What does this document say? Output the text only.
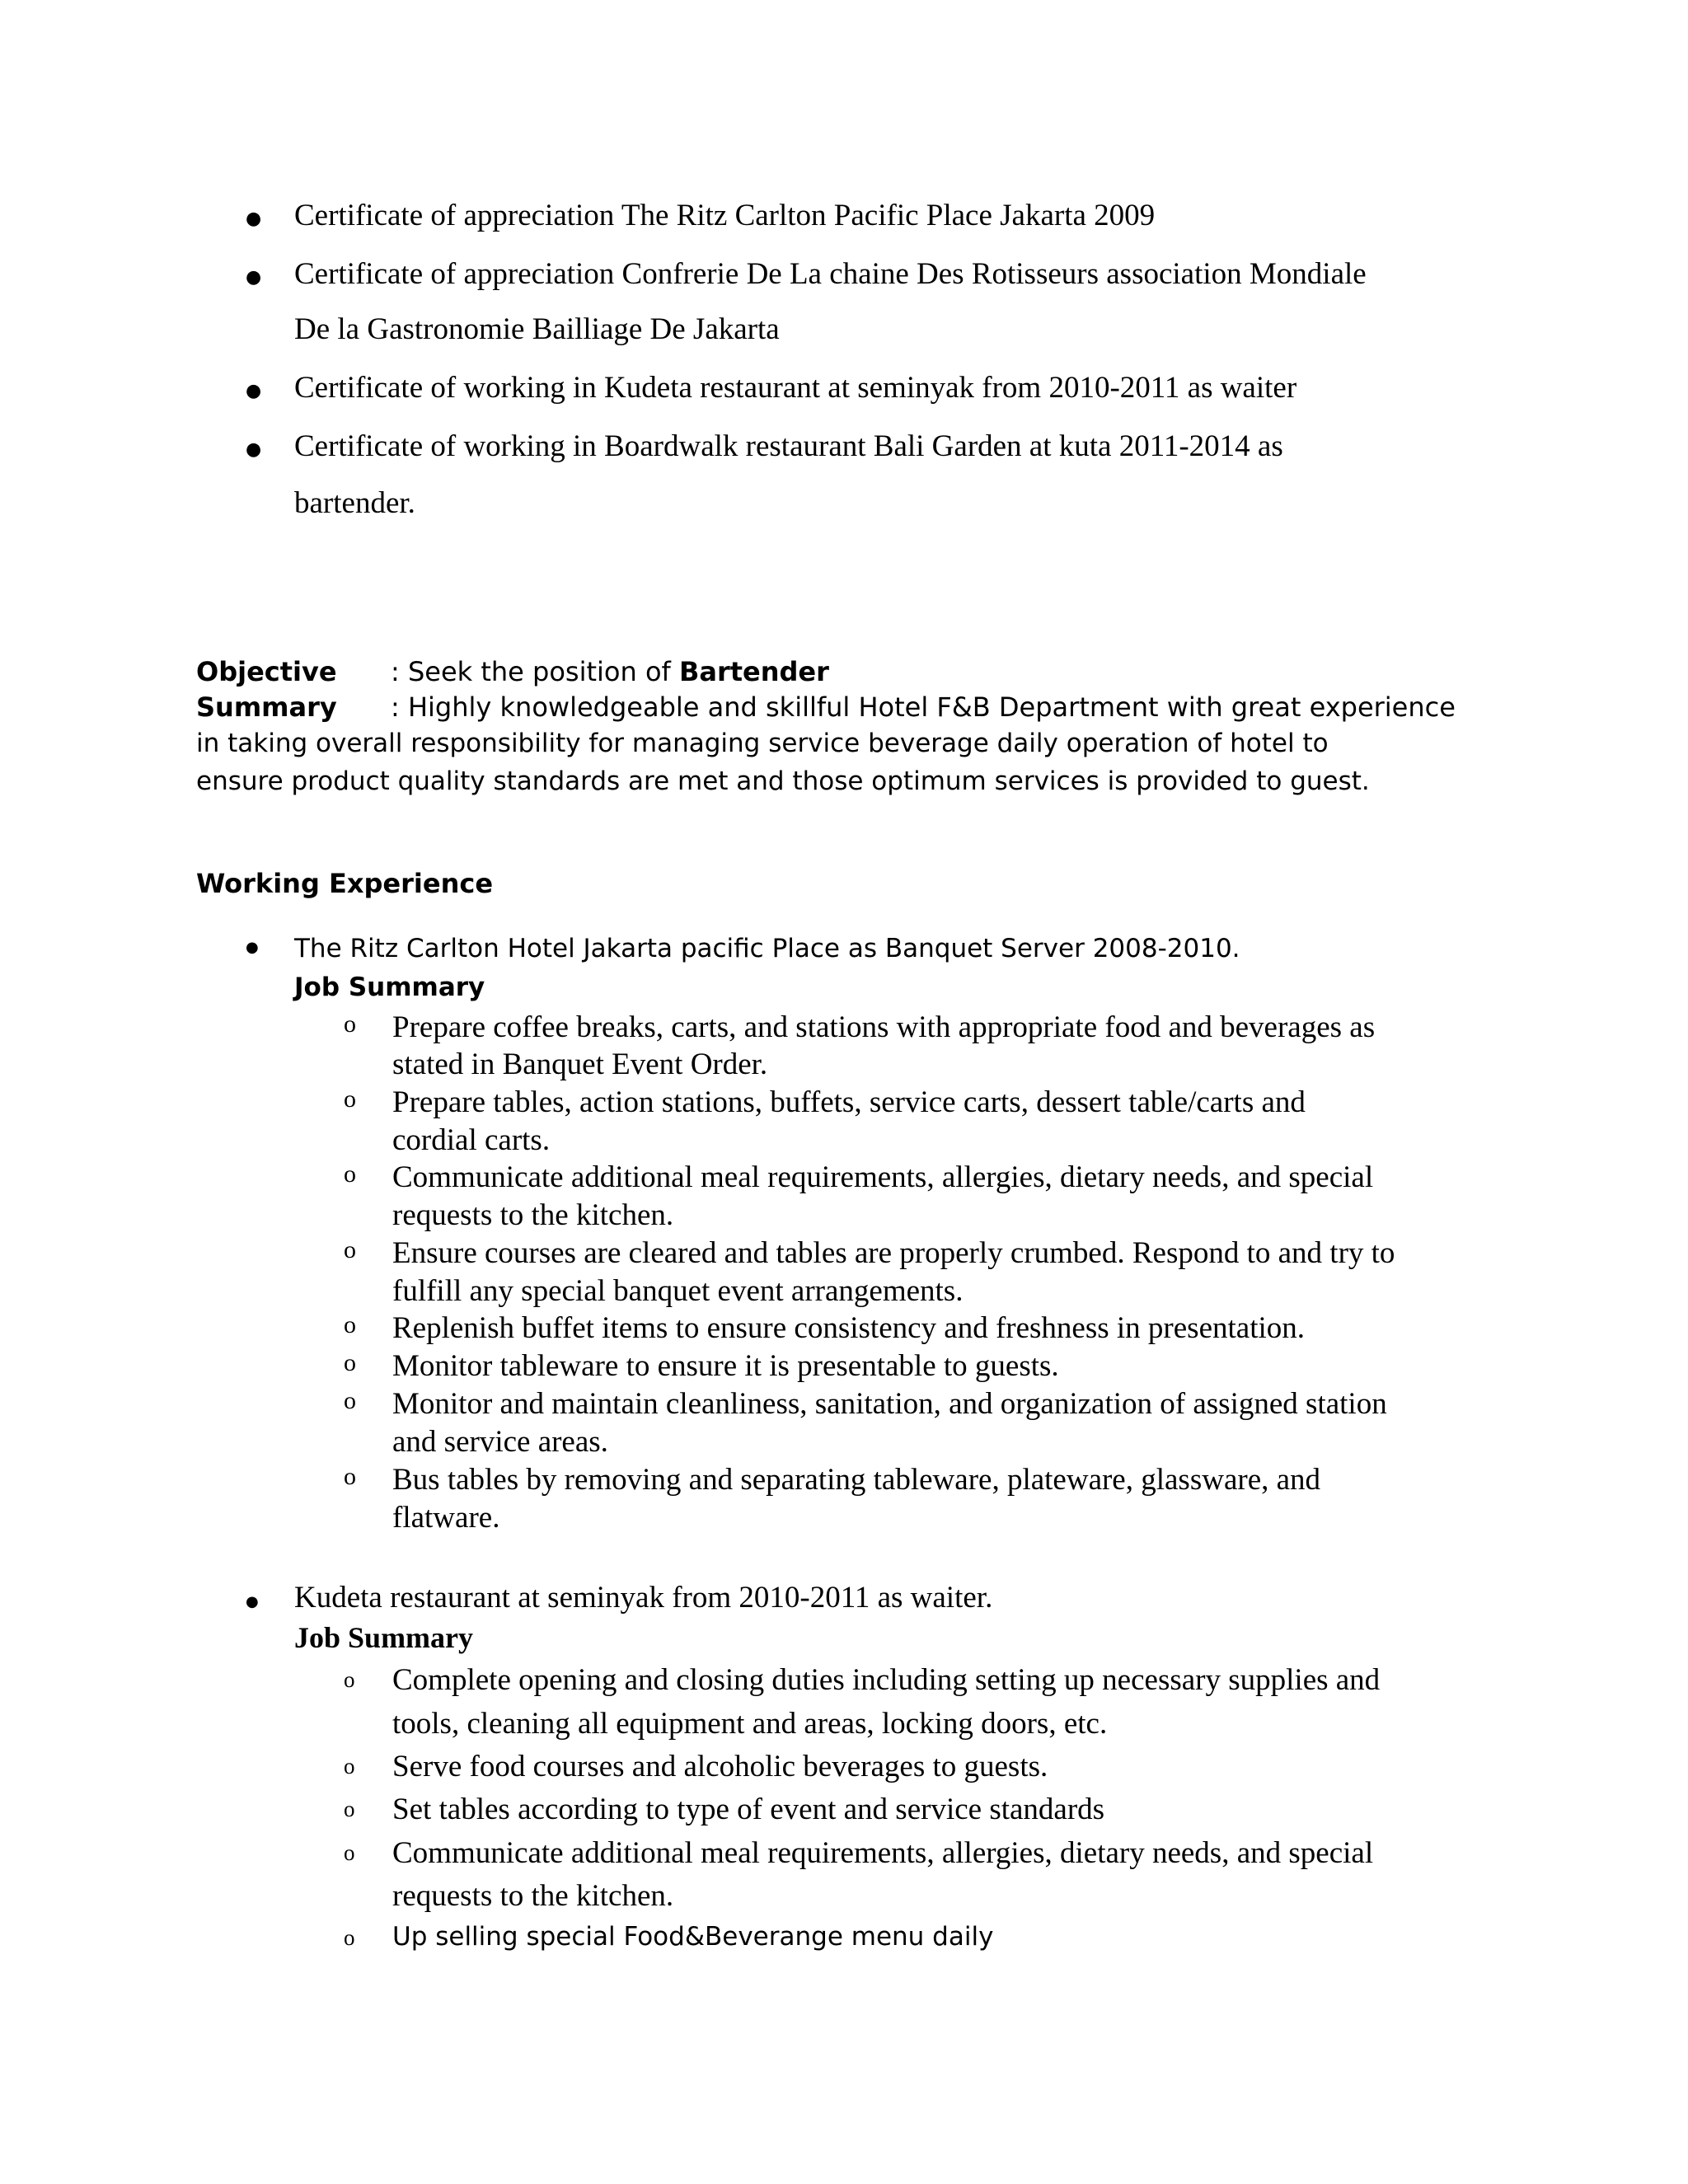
● Certificate of appreciation The Ritz Carlton Pacific Place Jakarta 2009
● Certificate of appreciation Confrerie De La chaine Des Rotisseurs association Mondiale
De la Gastronomie Bailliage De Jakarta
● Certificate of working in Kudeta restaurant at seminyak from 2010-2011 as waiter
● Certificate of working in Boardwalk restaurant Bali Garden at kuta 2011-2014 as
bartender.
Objective : Seek the position of Bartender
Summary : Highly knowledgeable and skillful Hotel F&B Department with great experience
in taking overall responsibility for managing service beverage daily operation of hotel to
ensure product quality standards are met and those optimum services is provided to guest.
Working Experience
● The Ritz Carlton Hotel Jakarta pacific Place as Banquet Server 2008-2010.
Job Summary
o Prepare coffee breaks, carts, and stations with appropriate food and beverages as
stated in Banquet Event Order.
o Prepare tables, action stations, buffets, service carts, dessert table/carts and
cordial carts.
o Communicate additional meal requirements, allergies, dietary needs, and special
requests to the kitchen.
o Ensure courses are cleared and tables are properly crumbed. Respond to and try to
fulfill any special banquet event arrangements.
o Replenish buffet items to ensure consistency and freshness in presentation.
o Monitor tableware to ensure it is presentable to guests.
o Monitor and maintain cleanliness, sanitation, and organization of assigned station
and service areas.
o Bus tables by removing and separating tableware, plateware, glassware, and
flatware.
● Kudeta restaurant at seminyak from 2010-2011 as waiter.
Job Summary
o Complete opening and closing duties including setting up necessary supplies and
tools, cleaning all equipment and areas, locking doors, etc.
o Serve food courses and alcoholic beverages to guests.
o Set tables according to type of event and service standards
o Communicate additional meal requirements, allergies, dietary needs, and special
requests to the kitchen.
o Up selling special Food&Beverange menu daily
